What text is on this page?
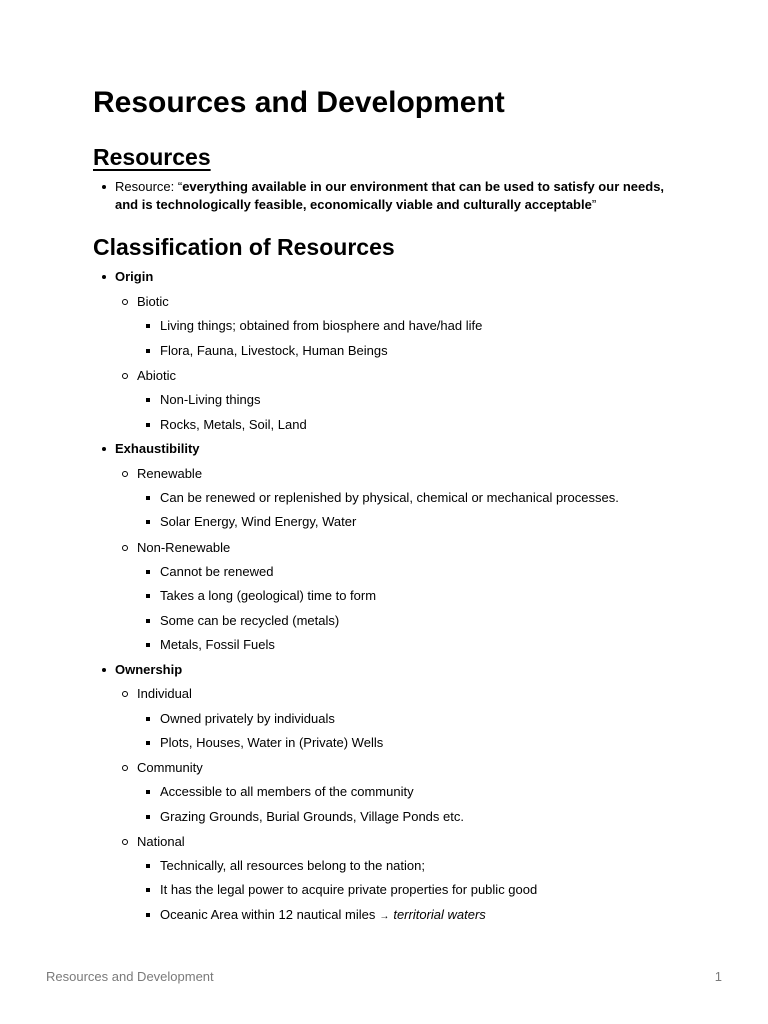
Resources and Development
Resources
Resource: “everything available in our environment that can be used to satisfy our needs, and is technologically feasible, economically viable and culturally acceptable”
Classification of Resources
Origin
Biotic
Living things; obtained from biosphere and have/had life
Flora, Fauna, Livestock, Human Beings
Abiotic
Non-Living things
Rocks, Metals, Soil, Land
Exhaustibility
Renewable
Can be renewed or replenished by physical, chemical or mechanical processes.
Solar Energy, Wind Energy, Water
Non-Renewable
Cannot be renewed
Takes a long (geological) time to form
Some can be recycled (metals)
Metals, Fossil Fuels
Ownership
Individual
Owned privately by individuals
Plots, Houses, Water in (Private) Wells
Community
Accessible to all members of the community
Grazing Grounds, Burial Grounds, Village Ponds etc.
National
Technically, all resources belong to the nation;
It has the legal power to acquire private properties for public good
Oceanic Area within 12 nautical miles → territorial waters
Resources and Development	1
